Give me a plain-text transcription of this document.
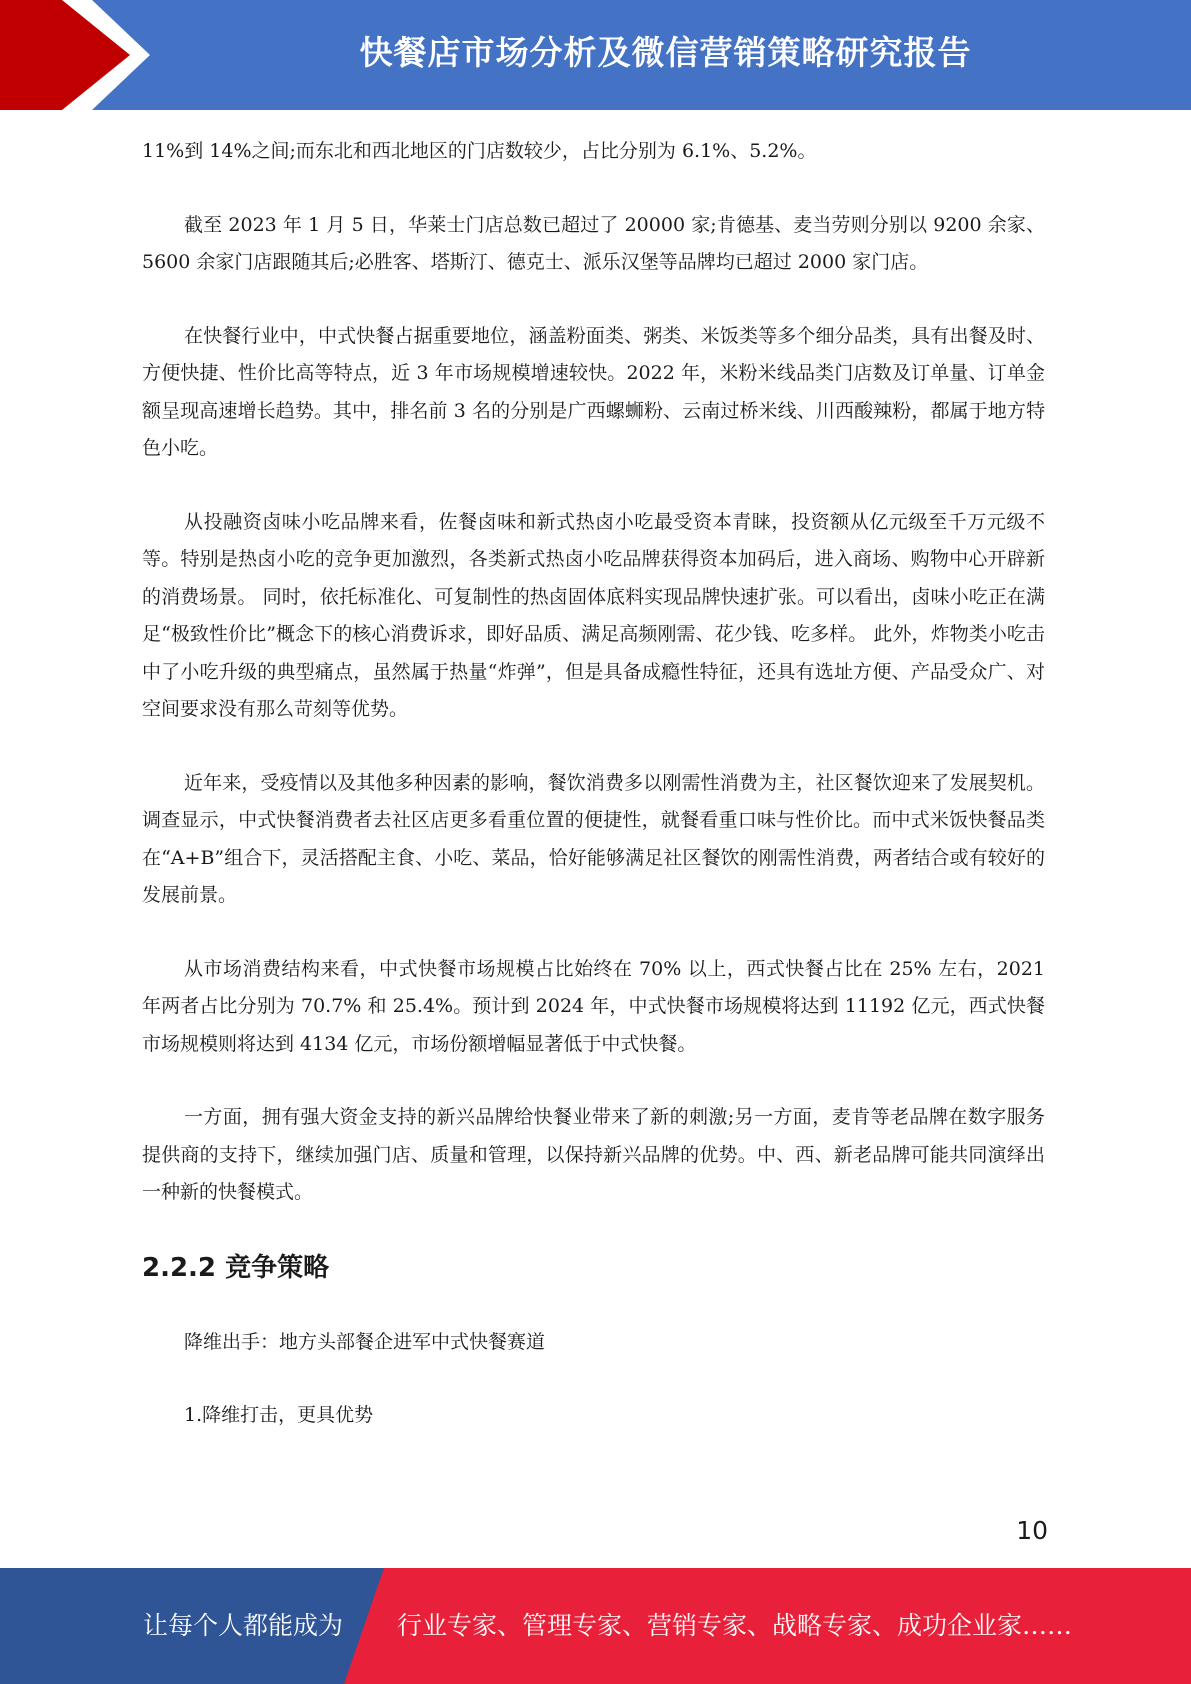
快餐店市场分析及微信营销策略研究报告

11%到 14%之间;而东北和西北地区的门店数较少，占比分别为 6.1%、5.2%。

截至 2023 年 1 月 5 日，华莱士门店总数已超过了 20000 家;肯德基、麦当劳则分别以 9200 余家、5600 余家门店跟随其后;必胜客、塔斯汀、德克士、派乐汉堡等品牌均已超过 2000 家门店。

在快餐行业中，中式快餐占据重要地位，涵盖粉面类、粥类、米饭类等多个细分品类，具有出餐及时、方便快捷、性价比高等特点，近 3 年市场规模增速较快。2022 年，米粉米线品类门店数及订单量、订单金额呈现高速增长趋势。其中，排名前 3 名的分别是广西螺蛳粉、云南过桥米线、川西酸辣粉，都属于地方特色小吃。

从投融资卤味小吃品牌来看，佐餐卤味和新式热卤小吃最受资本青睐，投资额从亿元级至千万元级不等。特别是热卤小吃的竞争更加激烈，各类新式热卤小吃品牌获得资本加码后，进入商场、购物中心开辟新的消费场景。 同时，依托标准化、可复制性的热卤固体底料实现品牌快速扩张。可以看出，卤味小吃正在满足“极致性价比”概念下的核心消费诉求，即好品质、满足高频刚需、花少钱、吃多样。 此外，炸物类小吃击中了小吃升级的典型痛点，虽然属于热量“炸弹”，但是具备成瘾性特征，还具有选址方便、产品受众广、对空间要求没有那么苛刻等优势。

近年来，受疫情以及其他多种因素的影响，餐饮消费多以刚需性消费为主，社区餐饮迎来了发展契机。调查显示，中式快餐消费者去社区店更多看重位置的便捷性，就餐看重口味与性价比。而中式米饭快餐品类在“A+B”组合下，灵活搭配主食、小吃、菜品，恰好能够满足社区餐饮的刚需性消费，两者结合或有较好的发展前景。

从市场消费结构来看，中式快餐市场规模占比始终在 70% 以上，西式快餐占比在 25% 左右，2021 年两者占比分别为 70.7% 和 25.4%。预计到 2024 年，中式快餐市场规模将达到 11192 亿元，西式快餐市场规模则将达到 4134 亿元，市场份额增幅显著低于中式快餐。

一方面，拥有强大资金支持的新兴品牌给快餐业带来了新的刺激;另一方面，麦肯等老品牌在数字服务提供商的支持下，继续加强门店、质量和管理，以保持新兴品牌的优势。中、西、新老品牌可能共同演绎出一种新的快餐模式。

2.2.2 竞争策略

降维出手：地方头部餐企进军中式快餐赛道

1.降维打击，更具优势

10
让每个人都能成为 行业专家、管理专家、营销专家、战略专家、成功企业家……
